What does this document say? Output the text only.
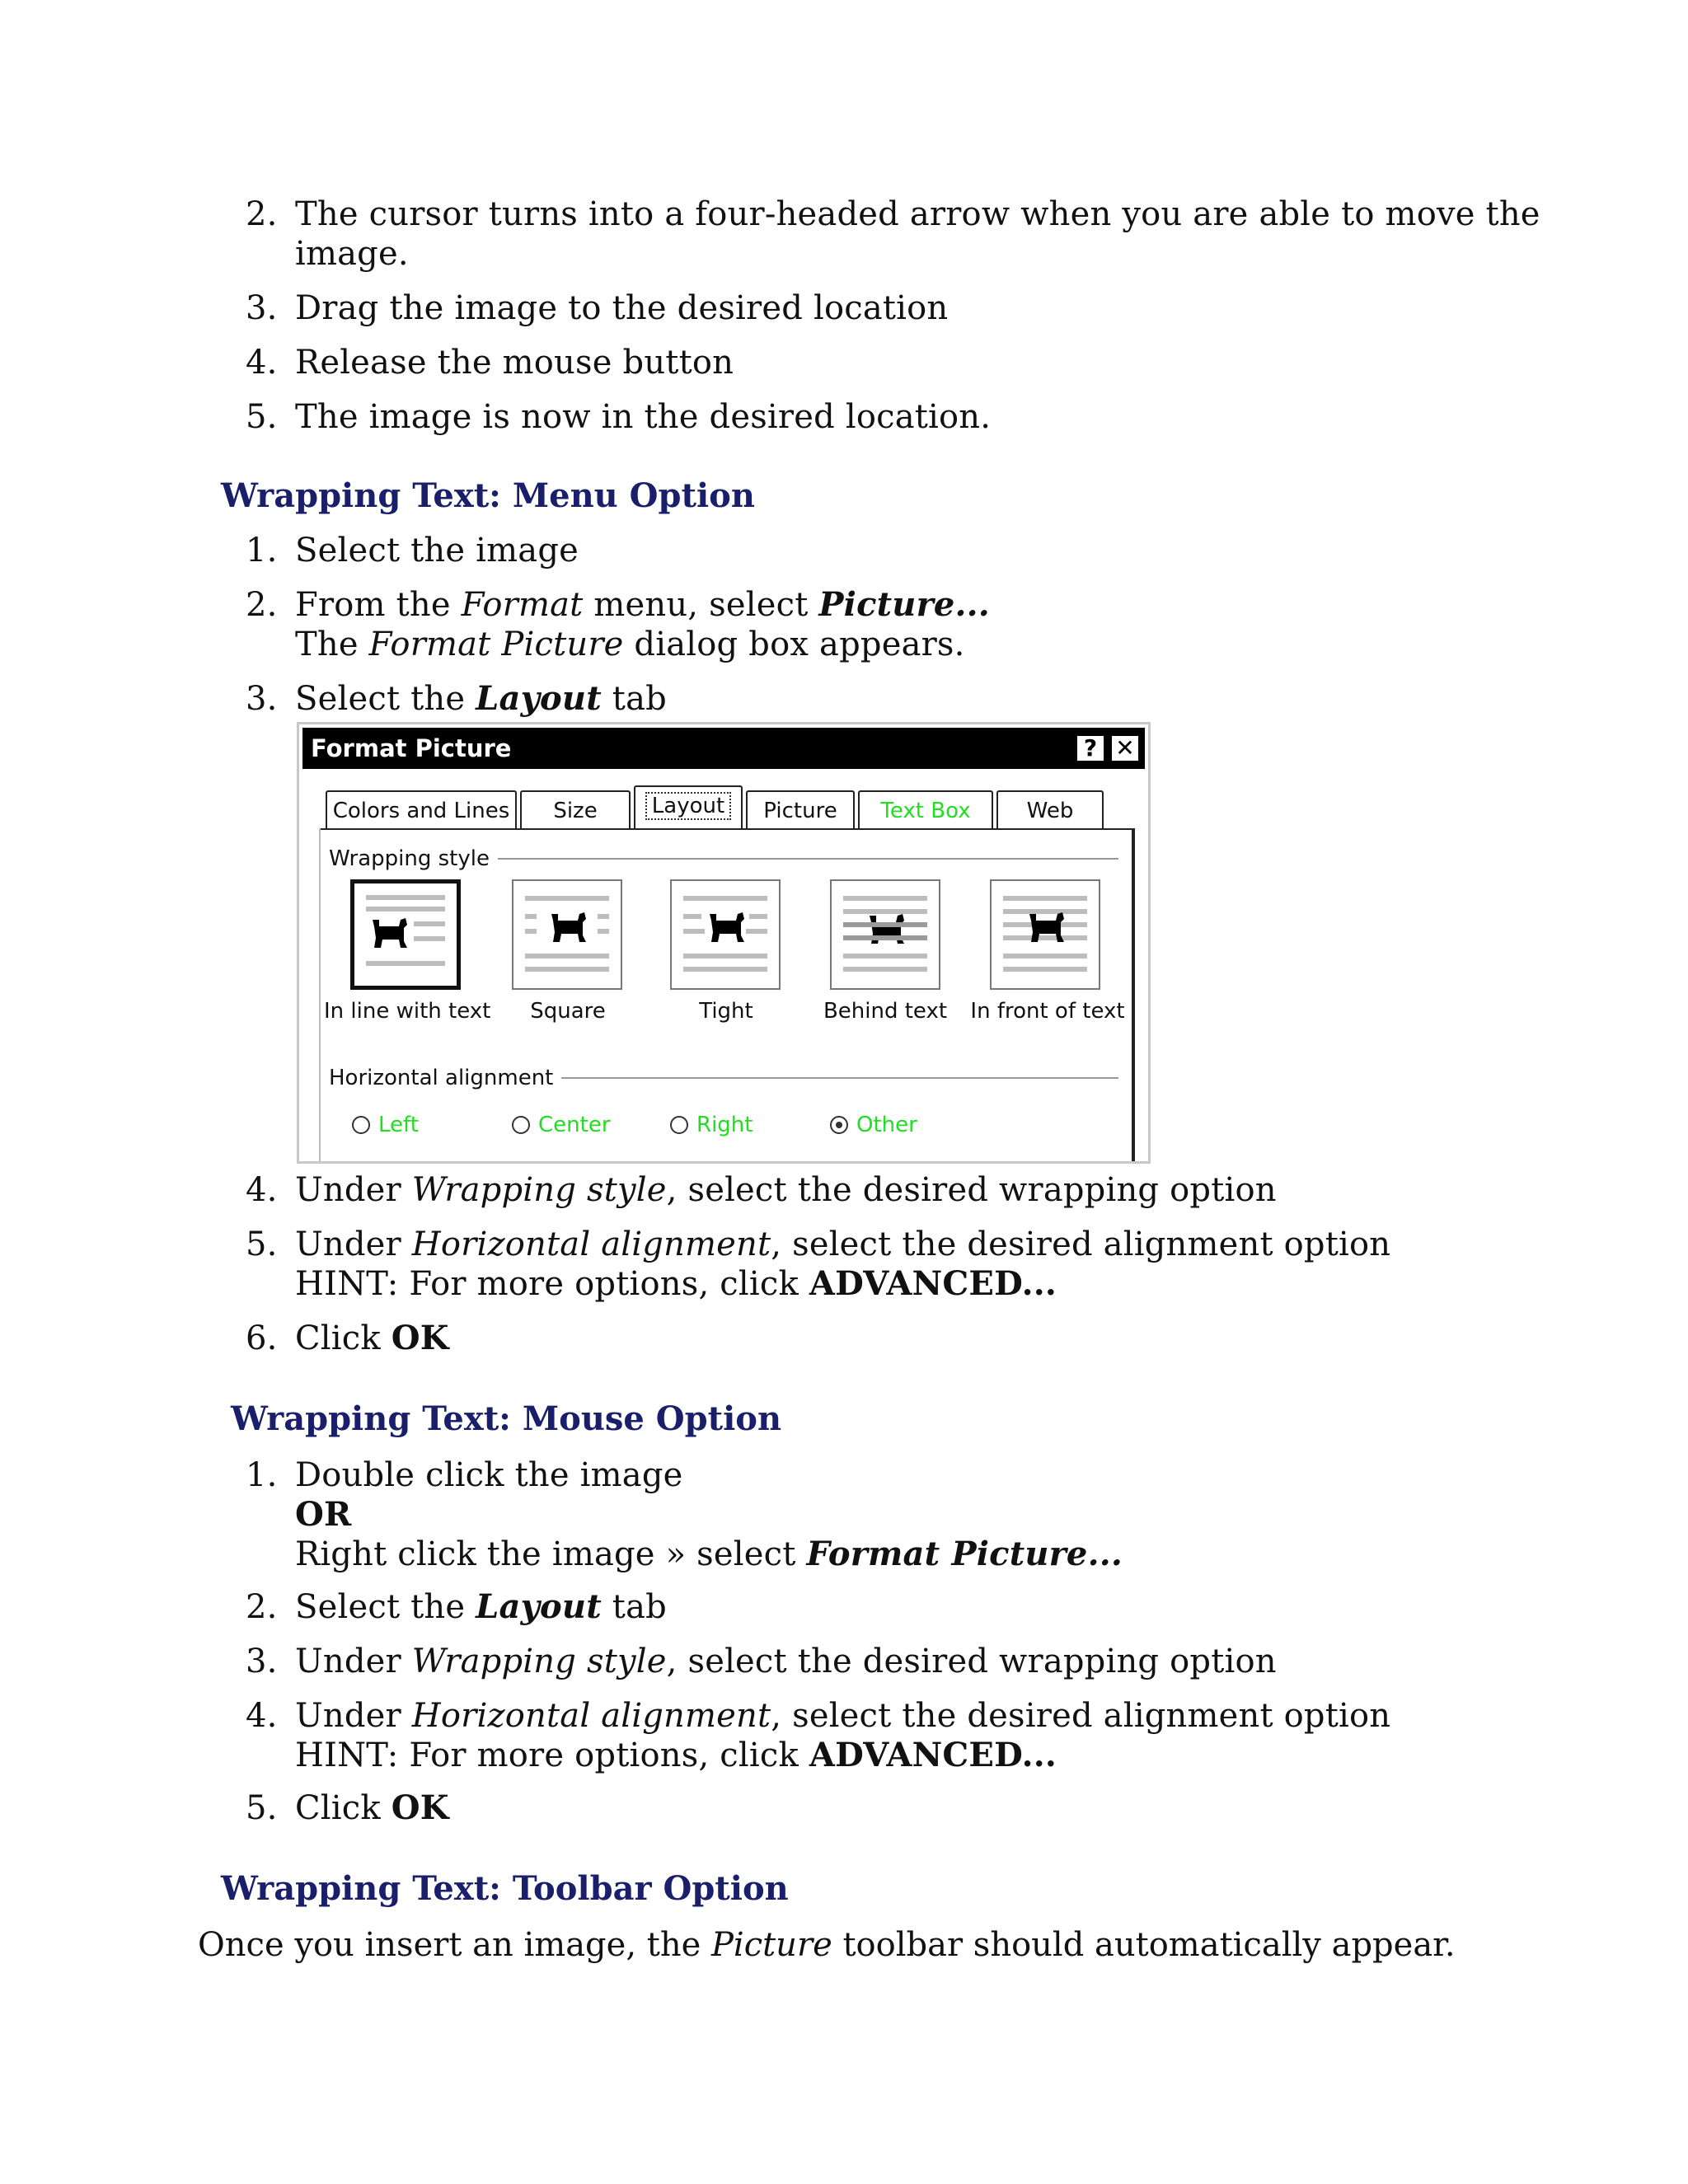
2. The cursor turns into a four-headed arrow when you are able to move the
image.
3. Drag the image to the desired location
4. Release the mouse button
5. The image is now in the desired location.
Wrapping Text: Menu Option
1. Select the image
2. From the Format menu, select Picture...
The Format Picture dialog box appears.
3. Select the Layout tab
Format Picture	? ✕
Colors and Lines	Size	Layout	Picture	Text Box	Web
Wrapping style
In line with text	Square	Tight	Behind text	In front of text
Horizontal alignment
Left	Center	Right	Other
4. Under Wrapping style, select the desired wrapping option
5. Under Horizontal alignment, select the desired alignment option
HINT: For more options, click ADVANCED...
6. Click OK
Wrapping Text: Mouse Option
1. Double click the image
OR
Right click the image » select Format Picture...
2. Select the Layout tab
3. Under Wrapping style, select the desired wrapping option
4. Under Horizontal alignment, select the desired alignment option
HINT: For more options, click ADVANCED...
5. Click OK
Wrapping Text: Toolbar Option
Once you insert an image, the Picture toolbar should automatically appear.
